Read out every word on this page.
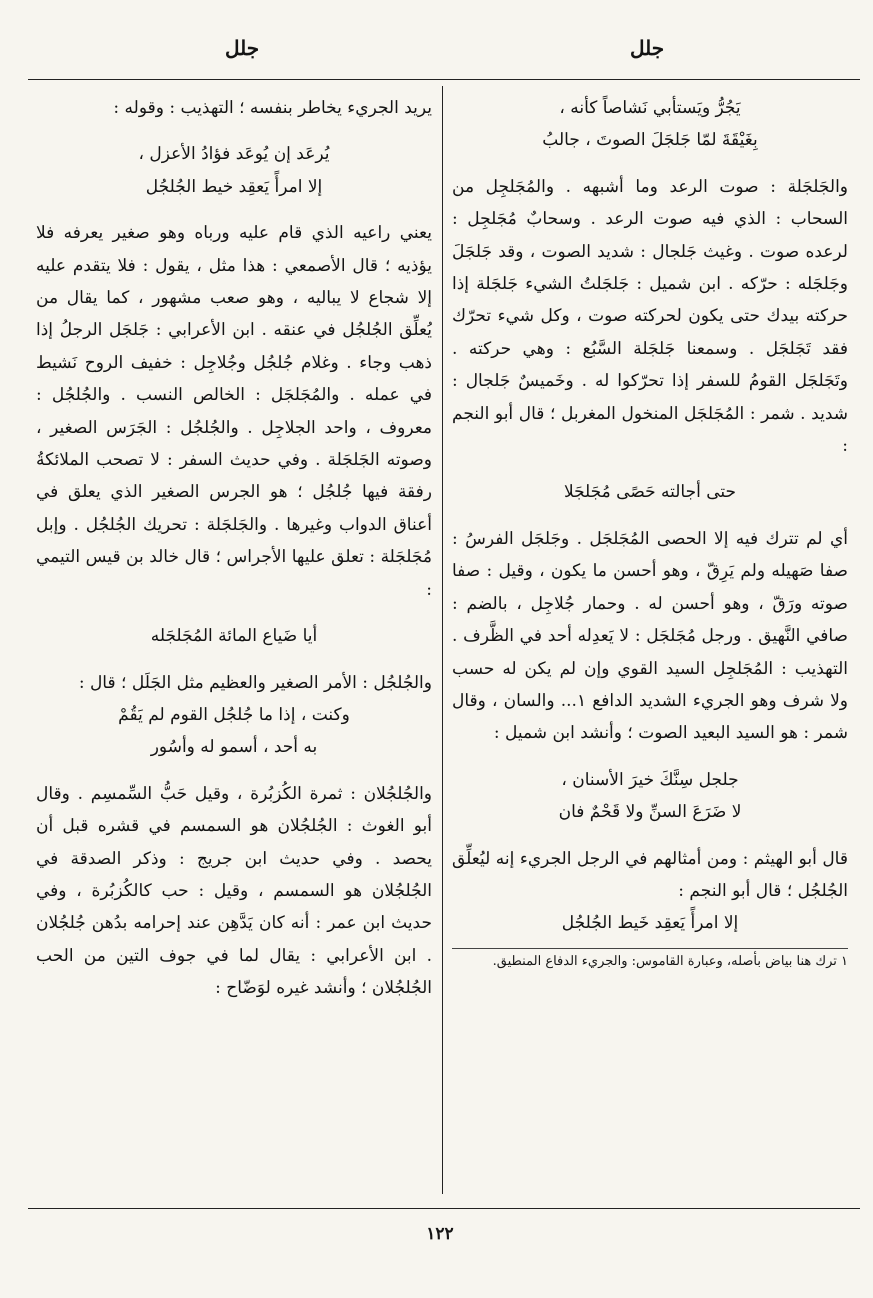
جلل	جلل

يَجُرُّ ويَستأبي نَشاصاً كأنه ،

بِغَيْقَةَ لمّا جَلجَلَ الصوتَ ، جالبُ

والجَلجَلة : صوت الرعد وما أشبهه . والمُجَلجِل من السحاب : الذي فيه صوت الرعد . وسحابٌ مُجَلجِل : لرعده صوت . وغيث جَلجال : شديد الصوت ، وقد جَلجَلَ وجَلجَله : حرّكه . ابن شميل : جَلجَلتُ الشيء جَلجَلة إذا حركته بيدك حتى يكون لحركته صوت ، وكل شيء تحرّك فقد تَجَلجَل . وسمعنا جَلجَلة السَّبُع : وهي حركته . وتَجَلجَل القومُ للسفر إذا تحرّكوا له . وخَميسٌ جَلجال : شديد . شمر : المُجَلجَل المنخول المغربل ؛ قال أبو النجم :

حتى أجالته حَصًى مُجَلجَلا

أي لم تترك فيه إلا الحصى المُجَلجَل . وجَلجَل الفرسُ : صفا صَهيله ولم يَرِقّ ، وهو أحسن ما يكون ، وقيل : صفا صوته ورَقّ ، وهو أحسن له . وحمار جُلاجِل ، بالضم : صافي النَّهيق . ورجل مُجَلجَل : لا يَعدِله أحد في الظَّرف . التهذيب : المُجَلجِل السيد القوي وإن لم يكن له حسب ولا شرف وهو الجريء الشديد الدافع ١... والسان ، وقال شمر : هو السيد البعيد الصوت ؛ وأنشد ابن شميل :

جلجل سِنَّكَ خيرَ الأسنان ،

لا ضَرَعَ السنِّ ولا قَحْمٌ فان

قال أبو الهيثم : ومن أمثالهم في الرجل الجريء إنه ليُعلِّق الجُلجُل ؛ قال أبو النجم :

إلا امرأً يَعقِد خَيط الجُلجُل

١ ترك هنا بياض بأصله، وعبارة القاموس: والجريء الدفاع المنطيق.

يريد الجريء يخاطر بنفسه ؛ التهذيب : وقوله :

يُرعَد إن يُوعَد فؤادُ الأعزل ،

إلا امرأً يَعقِد خيط الجُلجُل

يعني راعيه الذي قام عليه ورباه وهو صغير يعرفه فلا يؤذيه ؛ قال الأصمعي : هذا مثل ، يقول : فلا يتقدم عليه إلا شجاع لا يباليه ، وهو صعب مشهور ، كما يقال من يُعلِّق الجُلجُل في عنقه . ابن الأعرابي : جَلجَل الرجلُ إذا ذهب وجاء . وغلام جُلجُل وجُلاجِل : خفيف الروح نَشيط في عمله . والمُجَلجَل : الخالص النسب . والجُلجُل : معروف ، واحد الجلاجِل . والجُلجُل : الجَرَس الصغير ، وصوته الجَلجَلة . وفي حديث السفر : لا تصحب الملائكةُ رفقة فيها جُلجُل ؛ هو الجرس الصغير الذي يعلق في أعناق الدواب وغيرها . والجَلجَلة : تحريك الجُلجُل . وإبل مُجَلجَلة : تعلق عليها الأجراس ؛ قال خالد بن قيس التيمي :

أيا ضَياع المائة المُجَلجَله

والجُلجُل : الأمر الصغير والعظيم مثل الجَلَل ؛ قال :

وكنت ، إذا ما جُلجُل القوم لم يَقُمْ

به أحد ، أسمو له وأسُور

والجُلجُلان : ثمرة الكُزبُرة ، وقيل حَبُّ السِّمسِم . وقال أبو الغوث : الجُلجُلان هو السمسم في قشره قبل أن يحصد . وفي حديث ابن جريج : وذكر الصدقة في الجُلجُلان هو السمسم ، وقيل : حب كالكُزبُرة ، وفي حديث ابن عمر : أنه كان يَدَّهِن عند إحرامه بدُهن جُلجُلان . ابن الأعرابي : يقال لما في جوف التين من الحب الجُلجُلان ؛ وأنشد غيره لوَضّاح :

١٢٢
